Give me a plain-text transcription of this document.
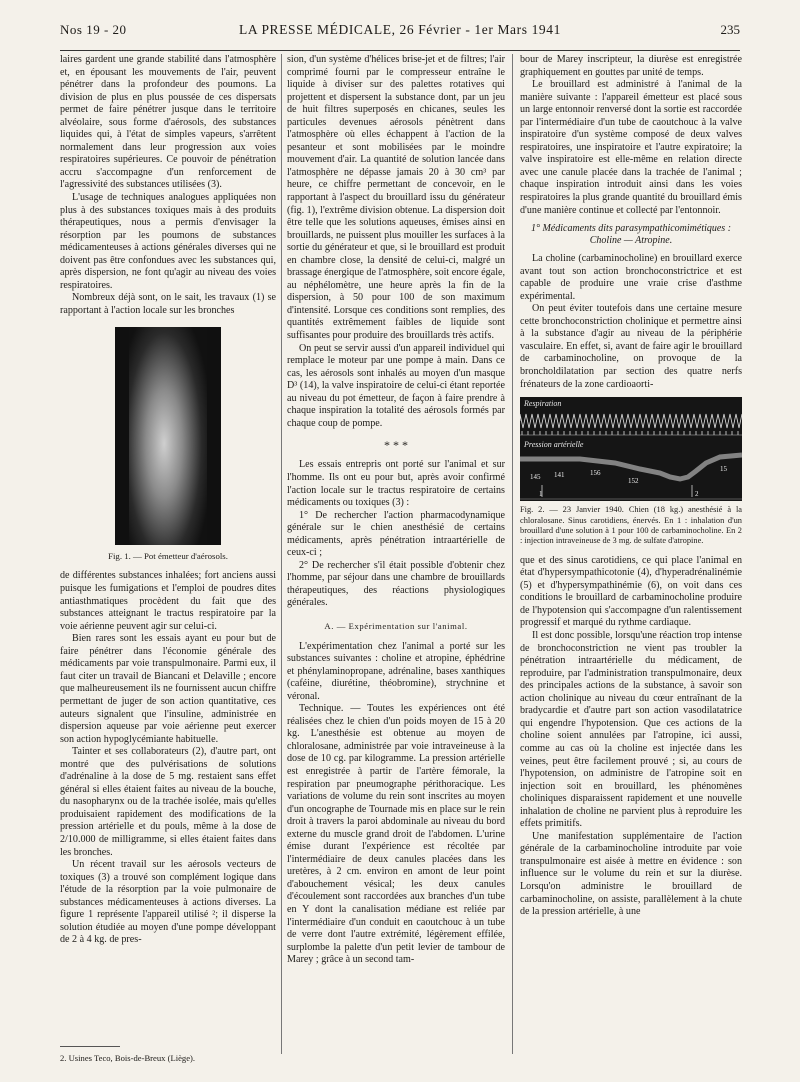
Nos 19 - 20	LA PRESSE MÉDICALE, 26 Février - 1er Mars 1941	235

laires gardent une grande stabilité dans l'atmosphère et, en épousant les mouvements de l'air, peuvent pénétrer dans la profondeur des poumons. La division de plus en plus poussée de ces dispersats permet de faire pénétrer jusque dans le territoire alvéolaire, sous forme d'aérosols, des substances liquides qui, à l'état de simples vapeurs, s'arrêtent normalement dans leur progression aux voies respiratoires supérieures. Ce pouvoir de pénétration accru s'accompagne d'un renforcement de l'agressivité des substances utilisées (3).

L'usage de techniques analogues appliquées non plus à des substances toxiques mais à des produits thérapeutiques, nous a permis d'envisager la résorption par les poumons de substances médicamenteuses à actions générales diverses qui ne doivent pas être confondues avec les substances qui, après dispersion, ne font qu'agir au niveau des voies respiratoires.

Nombreux déjà sont, on le sait, les travaux (1) se rapportant à l'action locale sur les bronches

Fig. 1. — Pot émetteur d'aérosols.

de différentes substances inhalées; fort anciens aussi puisque les fumigations et l'emploi de poudres dites antiasthmatiques procèdent du fait que des substances atteignant le tractus respiratoire par la voie aérienne peuvent agir sur celui-ci.

Bien rares sont les essais ayant eu pour but de faire pénétrer dans l'économie générale des médicaments par voie transpulmonaire. Parmi eux, il faut citer un travail de Biancani et Delaville ; encore que malheureusement ils ne fournissent aucun chiffre permettant de juger de son action quantitative, ces auteurs signalent que l'insuline, administrée en dispersion aqueuse par voie aérienne peut exercer son action hypoglycémiante habituelle.

Tainter et ses collaborateurs (2), d'autre part, ont montré que des pulvérisations de solutions d'adrénaline à la dose de 5 mg. restaient sans effet général si elles étaient faites au niveau de la bouche, du nasopharynx ou de la trachée isolée, mais qu'elles produisaient rapidement des modifications de la pression artérielle et du pouls, même à la dose de 2/10.000 de milligramme, si elles étaient faites dans les bronches.

Un récent travail sur les aérosols vecteurs de toxiques (3) a trouvé son complément logique dans l'étude de la résorption par la voie pulmonaire de substances médicamenteuses à actions diverses. La figure 1 représente l'appareil utilisé ²; il disperse la solution étudiée au moyen d'une pompe développant de 2 à 4 kg. de pres-

2. Usines Teco, Bois-de-Breux (Liège).

sion, d'un système d'hélices brise-jet et de filtres; l'air comprimé fourni par le compresseur entraîne le liquide à diviser sur des palettes rotatives qui projettent et dispersent la substance dont, par un jeu de huit filtres superposés en chicanes, seules les particules devenues aérosols pénètrent dans l'atmosphère où elles échappent à l'action de la pesanteur et sont mobilisées par le moindre mouvement d'air. La quantité de solution lancée dans l'atmosphère ne dépasse jamais 20 à 30 cm³ par heure, ce chiffre permettant de concevoir, en le rapportant à l'aspect du brouillard issu du générateur (fig. 1), l'extrême division obtenue. La dispersion doit être telle que les solutions aqueuses, émises ainsi en brouillards, ne puissent plus mouiller les surfaces à la sortie du générateur et que, si le brouillard est produit en chambre close, la densité de celui-ci, malgré un brassage énergique de l'atmosphère, soit encore égale, au néphélomètre, une heure après la fin de la dispersion, à 50 pour 100 de son maximum d'intensité. Lorsque ces conditions sont remplies, des quantités extrêmement faibles de liquide sont suffisantes pour produire des brouillards très actifs.

On peut se servir aussi d'un appareil individuel qui remplace le moteur par une pompe à main. Dans ce cas, les aérosols sont inhalés au moyen d'un masque D³ (14), la valve inspiratoire de celui-ci étant reportée au niveau du pot émetteur, de façon à faire prendre à chaque inspiration la totalité des aérosols formés par chaque coup de pompe.

* * *

Les essais entrepris ont porté sur l'animal et sur l'homme. Ils ont eu pour but, après avoir confirmé l'action locale sur le tractus respiratoire de certains médicaments ou toxiques (3) :

1° De rechercher l'action pharmacodynamique générale sur le chien anesthésié de certains médicaments, après pénétration intraartérielle de ceux-ci ;

2° De rechercher s'il était possible d'obtenir chez l'homme, par séjour dans une chambre de brouillards thérapeutiques, des réactions physiologiques générales.

A. — Expérimentation sur l'animal.

L'expérimentation chez l'animal a porté sur les substances suivantes : choline et atropine, éphédrine et phénylaminopropane, adrénaline, bases xanthiques (caféine, diurétine, théobromine), strychnine et véronal.

Technique. — Toutes les expériences ont été réalisées chez le chien d'un poids moyen de 15 à 20 kg. L'anesthésie est obtenue au moyen de chloralosane, administrée par voie intraveineuse à la dose de 10 cg. par kilogramme. La pression artérielle est enregistrée à partir de l'artère fémorale, la respiration par pneumographe périthoracique. Les variations de volume du rein sont inscrites au moyen d'un oncographe de Tournade mis en place sur le rein droit à travers la paroi abdominale au niveau du bord externe du muscle grand droit de l'abdomen. L'urine émise durant l'expérience est récoltée par l'intermédiaire de deux canules placées dans les uretères, à 2 cm. environ en amont de leur point d'abouchement vésical; les deux canules d'écoulement sont raccordées aux branches d'un tube en Y dont la canalisation médiane est reliée par l'intermédiaire d'un conduit en caoutchouc à un tube de verre dont l'autre extrémité, légèrement effilée, surplombe la palette d'un petit levier de tambour de Marey ; grâce à un second tam-

bour de Marey inscripteur, la diurèse est enregistrée graphiquement en gouttes par unité de temps.

Le brouillard est administré à l'animal de la manière suivante : l'appareil émetteur est placé sous un large entonnoir renversé dont la sortie est raccordée par l'intermédiaire d'un tube de caoutchouc à la valve inspiratoire d'un système composé de deux valves respiratoires, une inspiratoire et l'autre expiratoire; la valve inspiratoire est elle-même en relation directe avec une canule placée dans la trachée de l'animal ; chaque inspiration introduit ainsi dans les voies respiratoires la plus grande quantité du brouillard émis d'une manière continue et collecté par l'entonnoir.

1° Médicaments dits parasympathicomimétiques :
Choline — Atropine.

La choline (carbaminocholine) en brouillard exerce avant tout son action bronchoconstrictrice et est capable de produire une vraie crise d'asthme expérimental.

On peut éviter toutefois dans une certaine mesure cette bronchoconstriction cholinique et permettre ainsi à la substance d'agir au niveau de la périphérie vasculaire. En effet, si, avant de faire agir le brouillard de carbaminocholine, on provoque de la broncholdilatation par section des quatre nerfs frénateurs de la zone cardioaorti-

Respiration
Pression artérielle
145 141	156
152
15
1	2
Fig. 2. — 23 Janvier 1940. Chien (18 kg.) anesthésié à la chloralosane. Sinus carotidiens, énervés. En 1 : inhalation d'un brouillard d'une solution à 1 pour 100 de carbaminocholine. En 2 : injection intraveineuse de 3 mg. de sulfate d'atropine.

que et des sinus carotidiens, ce qui place l'animal en état d'hypersympathicotonie (4), d'hyperadrénalinémie (5) et d'hypersympathinémie (6), on voit dans ces conditions le brouillard de carbaminocholine produire de l'hypotension qui s'accompagne d'un ralentissement progressif et marqué du rythme cardiaque.

Il est donc possible, lorsqu'une réaction trop intense de bronchoconstriction ne vient pas troubler la pénétration intraartérielle du médicament, de reproduire, par l'administration transpulmonaire, deux des principales actions de la substance, à savoir son action cholinique au niveau du cœur entraînant de la bradycardie et d'autre part son action vasodilatatrice qui engendre l'hypotension. Que ces actions de la choline soient annulées par l'atropine, ici aussi, comme au cas où la choline est injectée dans les veines, peut être facilement prouvé ; si, au cours de l'hypotension, on administre de l'atropine soit en injection soit en brouillard, les phénomènes choliniques disparaissent rapidement et une nouvelle inhalation de choline ne parvient plus à reproduire les effets primitifs.

Une manifestation supplémentaire de l'action générale de la carbaminocholine introduite par voie transpulmonaire est aisée à mettre en évidence : son influence sur le volume du rein et sur la diurèse. Lorsqu'on administre le brouillard de carbaminocholine, on assiste, parallèlement à la chute de la pression artérielle, à une
